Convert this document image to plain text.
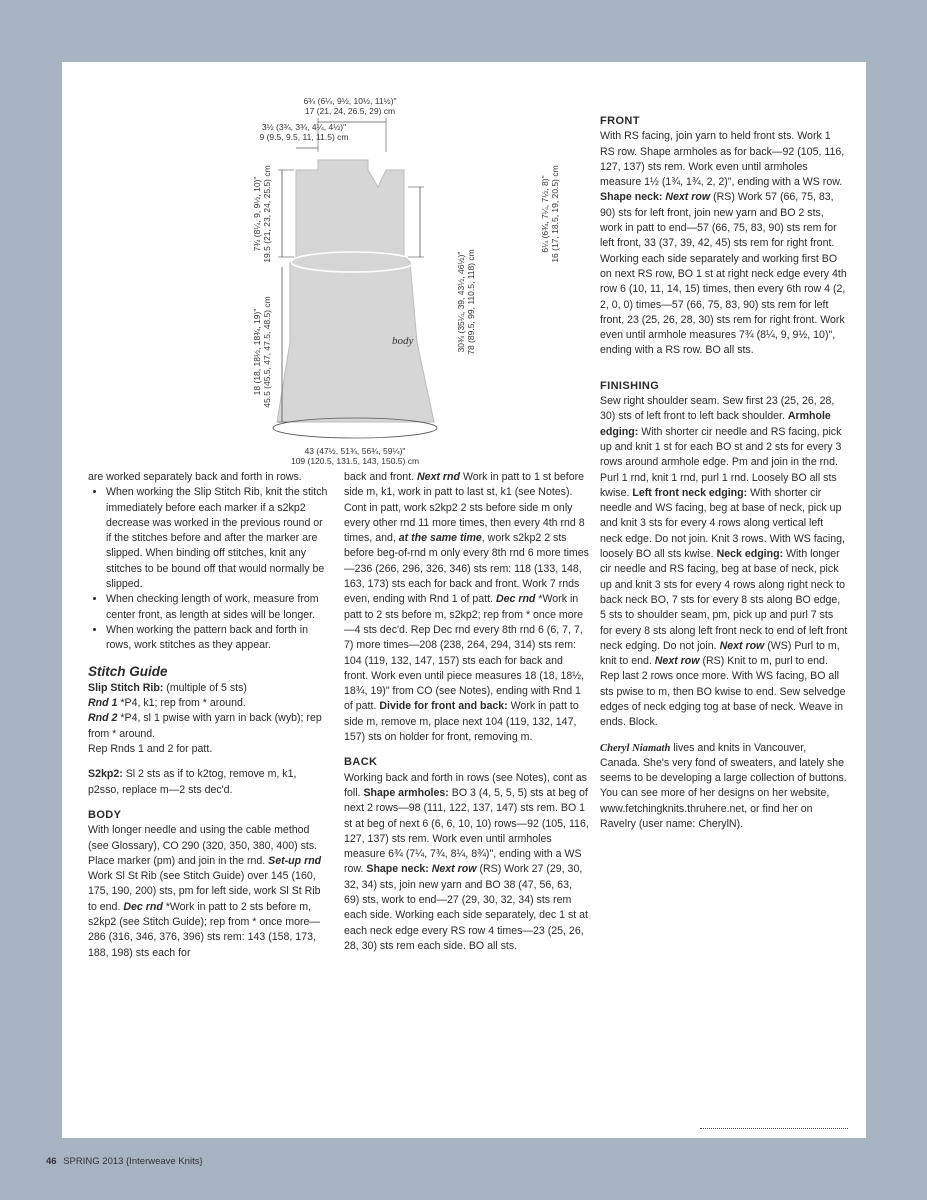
body
6¾ (6¼, 9½, 10½, 11½)"
17 (21, 24, 26.5, 29) cm
3½ (3¾, 3¾, 4¼, 4½)"
9 (9.5, 9.5, 11, 11.5) cm
7¾ (8¼, 9, 9½, 10)" 19.5 (21, 23, 24, 25.5) cm
18 (18, 18½, 18¾, 19)" 45.5 (45.5, 47, 47.5, 48.5) cm	30¾ (35¼, 39, 43½, 46½)" 78 (89.5, 99, 110.5, 118) cm
6¼ (6¾, 7¼, 7½, 8)" 16 (17, 18.5, 19, 20.5) cm
43 (47½, 51¾, 56¾, 59¼)"
109 (120.5, 131.5, 143, 150.5) cm

are worked separately back and forth in rows.

• When working the Slip Stitch Rib, knit the stitch immediately before each marker if a s2kp2 decrease was worked in the previous round or if the stitches before and after the marker are slipped. When binding off stitches, knit any stitches to be bound off that would normally be slipped.
• When checking length of work, measure from center front, as length at sides will be longer.
• When working the pattern back and forth in rows, work stitches as they appear.
Stitch Guide

Slip Stitch Rib: (multiple of 5 sts)

Rnd 1 *P4, k1; rep from * around.

Rnd 2 *P4, sl 1 pwise with yarn in back (wyb); rep from * around.

Rep Rnds 1 and 2 for patt.

S2kp2: Sl 2 sts as if to k2tog, remove m, k1, p2sso, replace m—2 sts dec'd.

BODY

With longer needle and using the cable method (see Glossary), CO 290 (320, 350, 380, 400) sts. Place marker (pm) and join in the rnd. Set-up rnd Work Sl St Rib (see Stitch Guide) over 145 (160, 175, 190, 200) sts, pm for left side, work Sl St Rib to end. Dec rnd *Work in patt to 2 sts before m, s2kp2 (see Stitch Guide); rep from * once more—286 (316, 346, 376, 396) sts rem: 143 (158, 173, 188, 198) sts each for

back and front. Next rnd Work in patt to 1 st before side m, k1, work in patt to last st, k1 (see Notes). Cont in patt, work s2kp2 2 sts before side m only every other rnd 11 more times, then every 4th rnd 8 times, and, at the same time, work s2kp2 2 sts before beg-of-rnd m only every 8th rnd 6 more times—236 (266, 296, 326, 346) sts rem: 118 (133, 148, 163, 173) sts each for back and front. Work 7 rnds even, ending with Rnd 1 of patt. Dec rnd *Work in patt to 2 sts before m, s2kp2; rep from * once more—4 sts dec'd. Rep Dec rnd every 8th rnd 6 (6, 7, 7, 7) more times—208 (238, 264, 294, 314) sts rem: 104 (119, 132, 147, 157) sts each for back and front. Work even until piece measures 18 (18, 18½, 18¾, 19)" from CO (see Notes), ending with Rnd 1 of patt. Divide for front and back: Work in patt to side m, remove m, place next 104 (119, 132, 147, 157) sts on holder for front, removing m.

BACK

Working back and forth in rows (see Notes), cont as foll. Shape armholes: BO 3 (4, 5, 5, 5) sts at beg of next 2 rows—98 (111, 122, 137, 147) sts rem. BO 1 st at beg of next 6 (6, 6, 10, 10) rows—92 (105, 116, 127, 137) sts rem. Work even until armholes measure 6¾ (7¼, 7¾, 8¼, 8¾)", ending with a WS row. Shape neck: Next row (RS) Work 27 (29, 30, 32, 34) sts, join new yarn and BO 38 (47, 56, 63, 69) sts, work to end—27 (29, 30, 32, 34) sts rem each side. Working each side separately, dec 1 st at each neck edge every RS row 4 times—23 (25, 26, 28, 30) sts rem each side. BO all sts.

FRONT

With RS facing, join yarn to held front sts. Work 1 RS row. Shape armholes as for back—92 (105, 116, 127, 137) sts rem. Work even until armholes measure 1½ (1¾, 1¾, 2, 2)", ending with a WS row. Shape neck: Next row (RS) Work 57 (66, 75, 83, 90) sts for left front, join new yarn and BO 2 sts, work in patt to end—57 (66, 75, 83, 90) sts rem for left front, 33 (37, 39, 42, 45) sts rem for right front. Working each side separately and working first BO on next RS row, BO 1 st at right neck edge every 4th row 6 (10, 11, 14, 15) times, then every 6th row 4 (2, 2, 0, 0) times—57 (66, 75, 83, 90) sts rem for left front, 23 (25, 26, 28, 30) sts rem for right front. Work even until armhole measures 7¾ (8¼, 9, 9½, 10)", ending with a RS row. BO all sts.

FINISHING

Sew right shoulder seam. Sew first 23 (25, 26, 28, 30) sts of left front to left back shoulder. Armhole edging: With shorter cir needle and RS facing, pick up and knit 1 st for each BO st and 2 sts for every 3 rows around armhole edge. Pm and join in the rnd. Purl 1 rnd, knit 1 rnd, purl 1 rnd. Loosely BO all sts kwise. Left front neck edging: With shorter cir needle and WS facing, beg at base of neck, pick up and knit 3 sts for every 4 rows along vertical left neck edge. Do not join. Knit 3 rows. With WS facing, loosely BO all sts kwise. Neck edging: With longer cir needle and RS facing, beg at base of neck, pick up and knit 3 sts for every 4 rows along right neck to back neck BO, 7 sts for every 8 sts along BO edge, 5 sts to shoulder seam, pm, pick up and purl 7 sts for every 8 sts along left front neck to end of left front neck edging. Do not join. Next row (WS) Purl to m, knit to end. Next row (RS) Knit to m, purl to end. Rep last 2 rows once more. With WS facing, BO all sts pwise to m, then BO kwise to end. Sew selvedge edges of neck edging tog at base of neck. Weave in ends. Block.

Cheryl Niamath lives and knits in Vancouver, Canada. She's very fond of sweaters, and lately she seems to be developing a large collection of buttons. You can see more of her designs on her website, www.fetchingknits.thruhere.net, or find her on Ravelry (user name: CherylN).

46 SPRING 2013 {Interweave Knits}
